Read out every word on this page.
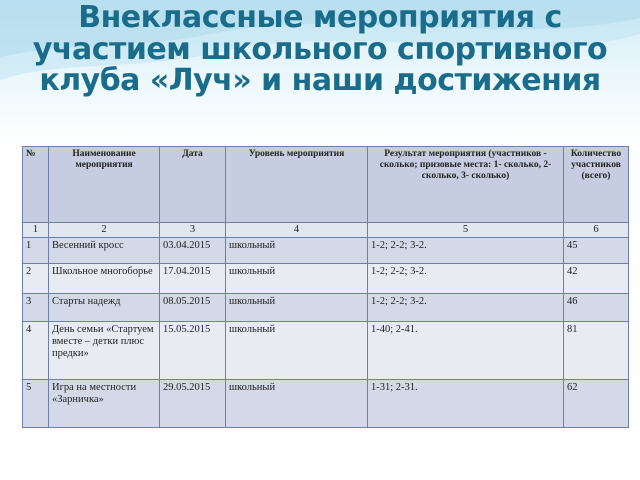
Внеклассные мероприятия с участием школьного спортивного клуба «Луч» и наши достижения
№	Наименование мероприятия	Дата	Уровень мероприятия	Результат мероприятия (участников - сколько; призовые места: 1- сколько, 2- сколько, 3- сколько)	Количество участников (всего)
1	2	3	4	5	6
1	Весенний кросс	03.04.2015	школьный	1-2; 2-2; 3-2.	45
2	Школьное многоборье	17.04.2015	школьный	1-2; 2-2; 3-2.	42
3	Старты надежд	08.05.2015	школьный	1-2; 2-2; 3-2.	46
4	День семьи «Стартуем вместе – детки плюс предки»	15.05.2015	школьный	1-40; 2-41.	81
5	Игра на местности «Зарничка»	29.05.2015	школьный	1-31; 2-31.	62
